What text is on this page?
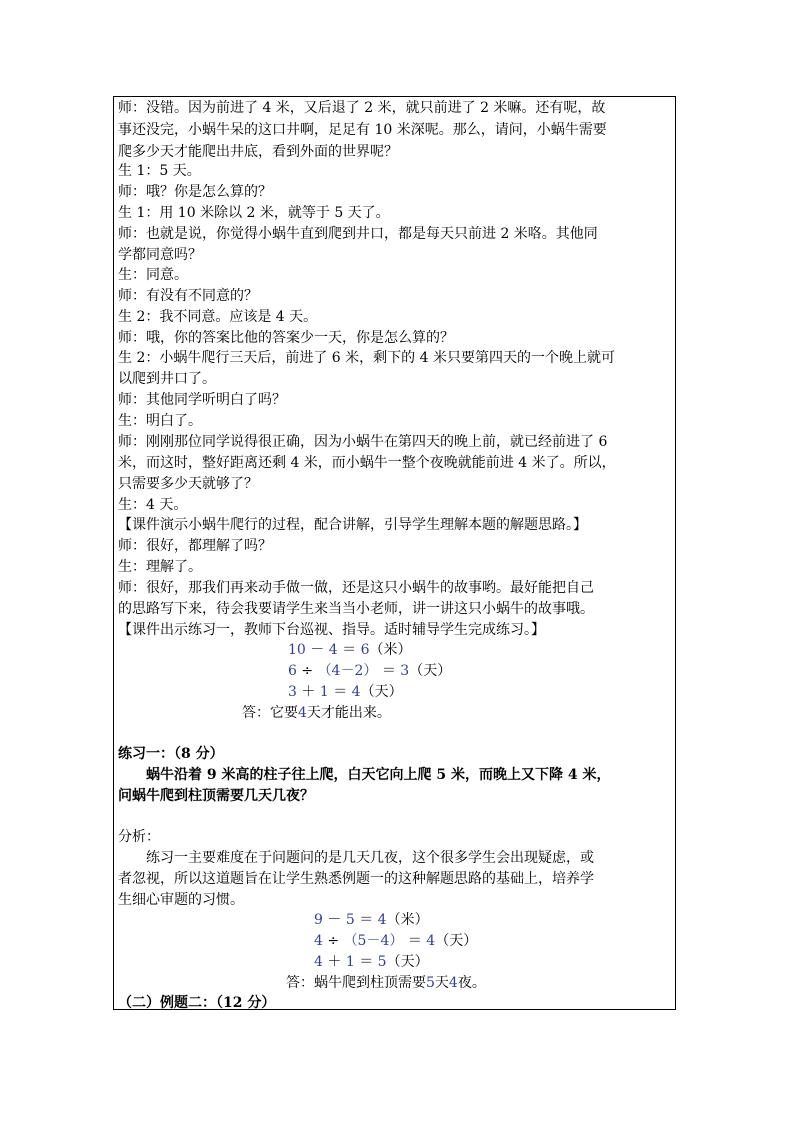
师：没错。因为前进了 4 米，又后退了 2 米，就只前进了 2 米嘛。还有呢，故
事还没完，小蜗牛呆的这口井啊，足足有 10 米深呢。那么，请问，小蜗牛需要
爬多少天才能爬出井底，看到外面的世界呢？
生 1：5 天。
师：哦？你是怎么算的？
生 1：用 10 米除以 2 米，就等于 5 天了。
师：也就是说，你觉得小蜗牛直到爬到井口，都是每天只前进 2 米咯。其他同
学都同意吗？
生：同意。
师：有没有不同意的？
生 2：我不同意。应该是 4 天。
师：哦，你的答案比他的答案少一天，你是怎么算的？
生 2：小蜗牛爬行三天后，前进了 6 米，剩下的 4 米只要第四天的一个晚上就可
以爬到井口了。
师：其他同学听明白了吗？
生：明白了。
师：刚刚那位同学说得很正确，因为小蜗牛在第四天的晚上前，就已经前进了 6
米，而这时，整好距离还剩 4 米，而小蜗牛一整个夜晚就能前进 4 米了。所以，
只需要多少天就够了？
生：4 天。
【课件演示小蜗牛爬行的过程，配合讲解，引导学生理解本题的解题思路。】
师：很好，都理解了吗？
生：理解了。
师：很好，那我们再来动手做一做，还是这只小蜗牛的故事哟。最好能把自己
的思路写下来，待会我要请学生来当当小老师，讲一讲这只小蜗牛的故事哦。
【课件出示练习一，教师下台巡视、指导。适时辅导学生完成练习。】
10 － 4 ＝ 6（米）
6 ÷ （4－2） ＝ 3（天）
3 ＋ 1 ＝ 4（天）
答：它要4天才能出来。
练习一：（8 分）
蜗牛沿着 9 米高的柱子往上爬，白天它向上爬 5 米，而晚上又下降 4 米，
问蜗牛爬到柱顶需要几天几夜？
分析：
练习一主要难度在于问题问的是几天几夜，这个很多学生会出现疑虑，或
者忽视，所以这道题旨在让学生熟悉例题一的这种解题思路的基础上，培养学
生细心审题的习惯。
9 － 5 ＝ 4（米）
4 ÷ （5－4） ＝ 4（天）
4 ＋ 1 ＝ 5（天）
答：蜗牛爬到柱顶需要5天4夜。
（二）例题二：（12 分）
